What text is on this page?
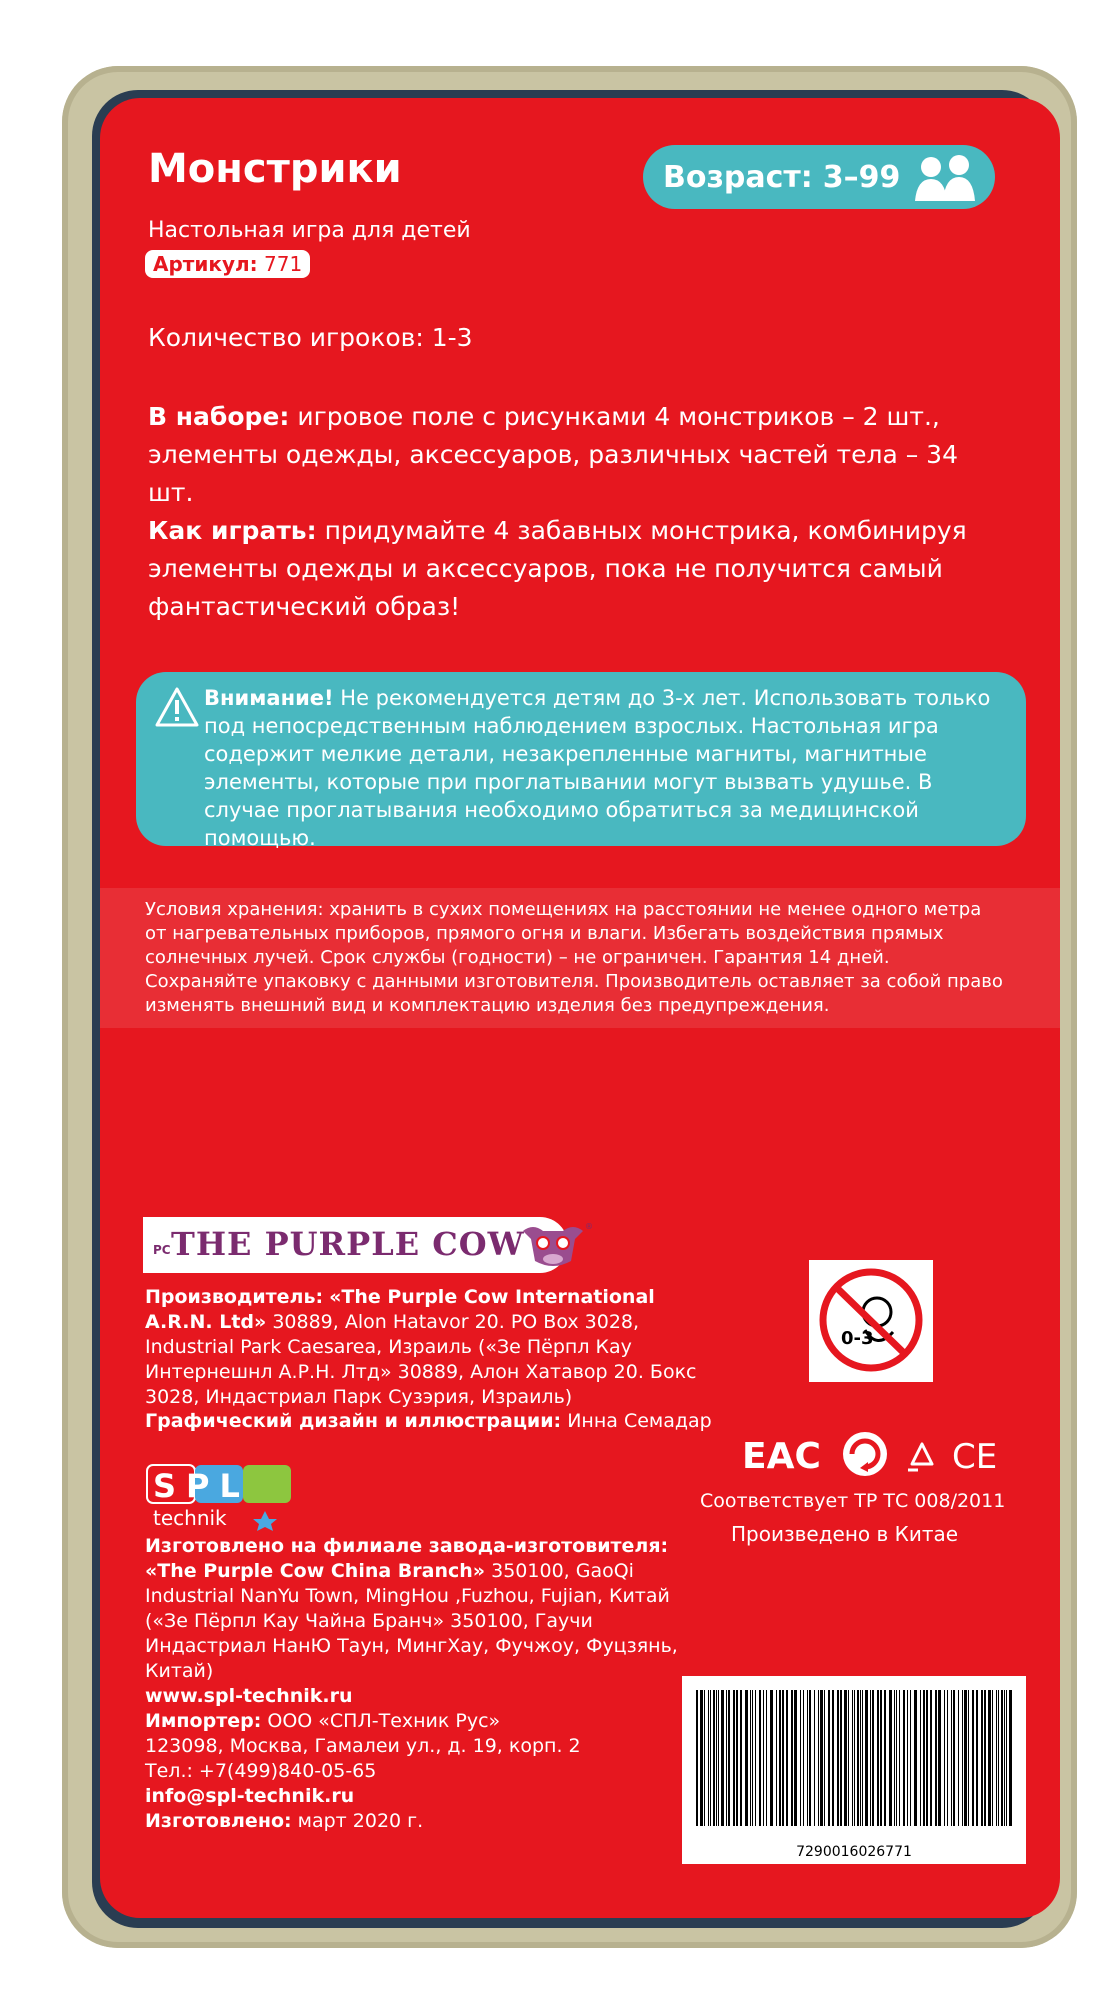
Монстрики	Возраст: 3–99
Настольная игра для детей
Артикул: 771
Количество игроков: 1-3
В наборе: игровое поле с рисунками 4 монстриков – 2 шт., элементы одежды, аксессуаров, различных частей тела – 34 шт.
Как играть: придумайте 4 забавных монстрика, комбинируя элементы одежды и аксессуаров, пока не получится самый фантастический образ!
Внимание! Не рекомендуется детям до 3-х лет. Использовать только под непосредственным наблюдением взрослых. Настольная игра содержит мелкие детали, незакрепленные магниты, магнитные элементы, которые при проглатывании могут вызвать удушье. В случае проглатывания необходимо обратиться за медицинской помощью.
Условия хранения: хранить в сухих помещениях на расстоянии не менее одного метра от нагревательных приборов, прямого огня и влаги. Избегать воздействия прямых солнечных лучей. Срок службы (годности) – не ограничен. Гарантия 14 дней.
Сохраняйте упаковку с данными изготовителя. Производитель оставляет за собой право изменять внешний вид и комплектацию изделия без предупреждения.
PC THE PURPLE COW	®
Производитель: «The Purple Cow International A.R.N. Ltd» 30889, Alon Hatavor 20. PO Box 3028, Industrial Park Caesarea, Израиль («Зе Пёрпл Кау Интернешнл А.Р.Н. Лтд» 30889, Алон Хатавор 20. Бокс 3028, Индастриал Парк Сузэрия, Израиль)
Графический дизайн и иллюстрации: Инна Семадар
0-3
EAC	CE
Соответствует ТР ТС 008/2011
Произведено в Китае
SPL
technik
Изготовлено на филиале завода-изготовителя:
«The Purple Cow China Branch» 350100, GaoQi Industrial NanYu Town, MingHou ,Fuzhou, Fujian, Китай («Зе Пёрпл Кау Чайна Бранч» 350100, Гаучи Индастриал НанЮ Таун, МингХау, Фучжоу, Фуцзянь, Китай)
www.spl-technik.ru
Импортер: ООО «СПЛ-Техник Рус»
123098, Москва, Гамалеи ул., д. 19, корп. 2
Тел.: +7(499)840-05-65
info@spl-technik.ru
Изготовлено: март 2020 г.
7290016026771
